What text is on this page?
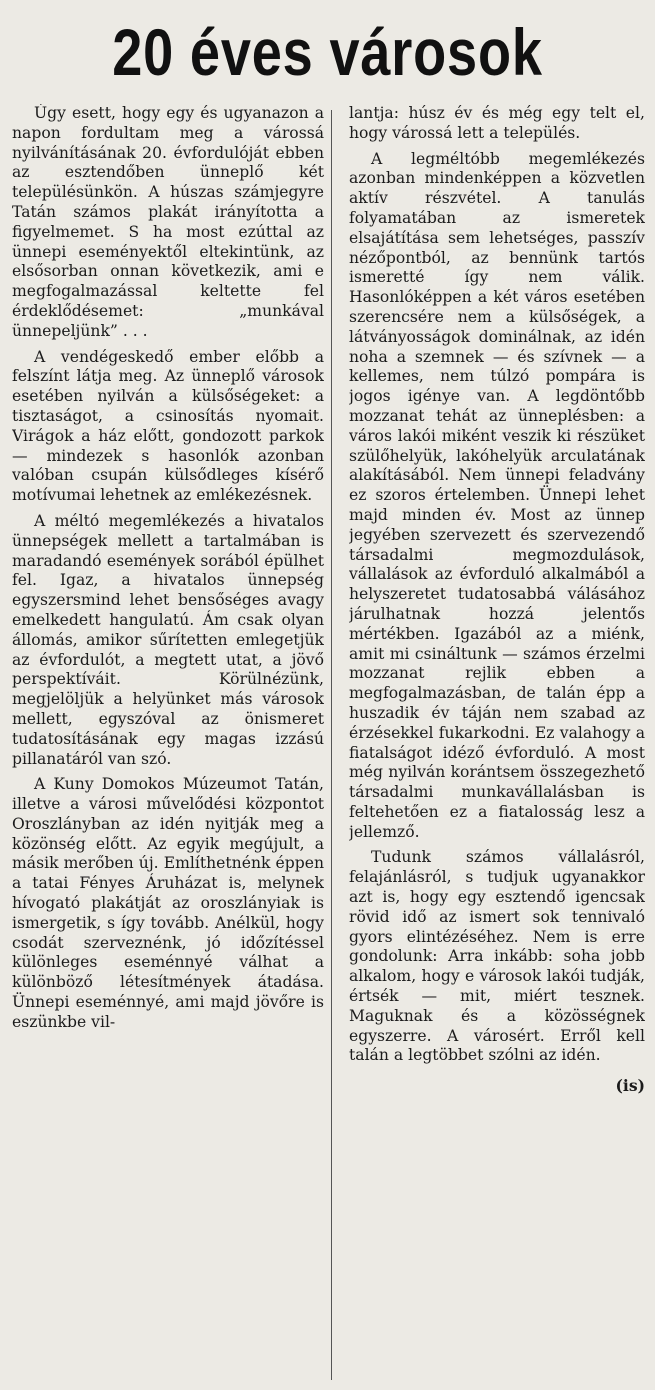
20 éves városok

Úgy esett, hogy egy és ugyanazon a napon fordultam meg a várossá nyilvánításának 20. évfordulóját ebben az esztendőben ünneplő két településünkön. A húszas számjegyre Tatán számos plakát irányította a figyelmemet. S ha most ezúttal az ünnepi eseményektől eltekintünk, az elsősorban onnan következik, ami e megfogalmazással keltette fel érdeklődésemet: „munkával ünnepeljünk” . . .

A vendégeskedő ember előbb a felszínt látja meg. Az ünneplő városok esetében nyilván a külsőségeket: a tisztaságot, a csinosítás nyomait. Virágok a ház előtt, gondozott parkok — mindezek s hasonlók azonban valóban csupán külsődleges kísérő motívumai lehetnek az emlékezésnek.

A méltó megemlékezés a hivatalos ünnepségek mellett a tartalmában is maradandó események sorából épülhet fel. Igaz, a hivatalos ünnepség egyszersmind lehet bensőséges avagy emelkedett hangulatú. Ám csak olyan állomás, amikor sűrítetten emlegetjük az évfordulót, a megtett utat, a jövő perspektíváit. Körülnézünk, megjelöljük a helyünket más városok mellett, egyszóval az önismeret tudatosításának egy magas izzású pillanatáról van szó.

A Kuny Domokos Múzeumot Tatán, illetve a városi művelődési központot Oroszlányban az idén nyitják meg a közönség előtt. Az egyik megújult, a másik merőben új. Említhetnénk éppen a tatai Fényes Áruházat is, melynek hívogató plakátját az oroszlányiak is ismergetik, s így tovább. Anélkül, hogy csodát szerveznénk, jó időzítéssel különleges eseménnyé válhat a különböző létesítmények átadása. Ünnepi eseménnyé, ami majd jövőre is eszünkbe vil-

lantja: húsz év és még egy telt el, hogy várossá lett a település.

A legméltóbb megemlékezés azonban mindenképpen a közvetlen aktív részvétel. A tanulás folyamatában az ismeretek elsajátítása sem lehetséges, passzív nézőpontból, az bennünk tartós ismeretté így nem válik. Hasonlóképpen a két város esetében szerencsére nem a külsőségek, a látványosságok dominálnak, az idén noha a szemnek — és szívnek — a kellemes, nem túlzó pompára is jogos igénye van. A legdöntőbb mozzanat tehát az ünneplésben: a város lakói miként veszik ki részüket szülőhelyük, lakóhelyük arculatának alakításából. Nem ünnepi feladvány ez szoros értelemben. Ünnepi lehet majd minden év. Most az ünnep jegyében szervezett és szervezendő társadalmi megmozdulások, vállalások az évforduló alkalmából a helyszeretet tudatosabbá válásához járulhatnak hozzá jelentős mértékben. Igazából az a miénk, amit mi csináltunk — számos érzelmi mozzanat rejlik ebben a megfogalmazásban, de talán épp a huszadik év táján nem szabad az érzésekkel fukarkodni. Ez valahogy a fiatalságot idéző évforduló. A most még nyilván korántsem összegezhető társadalmi munkavállalásban is feltehetően ez a fiatalosság lesz a jellemző.

Tudunk számos vállalásról, felajánlásról, s tudjuk ugyanakkor azt is, hogy egy esztendő igencsak rövid idő az ismert sok tennivaló gyors elintézéséhez. Nem is erre gondolunk: Arra inkább: soha jobb alkalom, hogy e városok lakói tudják, értsék — mit, miért tesznek. Maguknak és a közösségnek egyszerre. A városért. Erről kell talán a legtöbbet szólni az idén.

(is)
